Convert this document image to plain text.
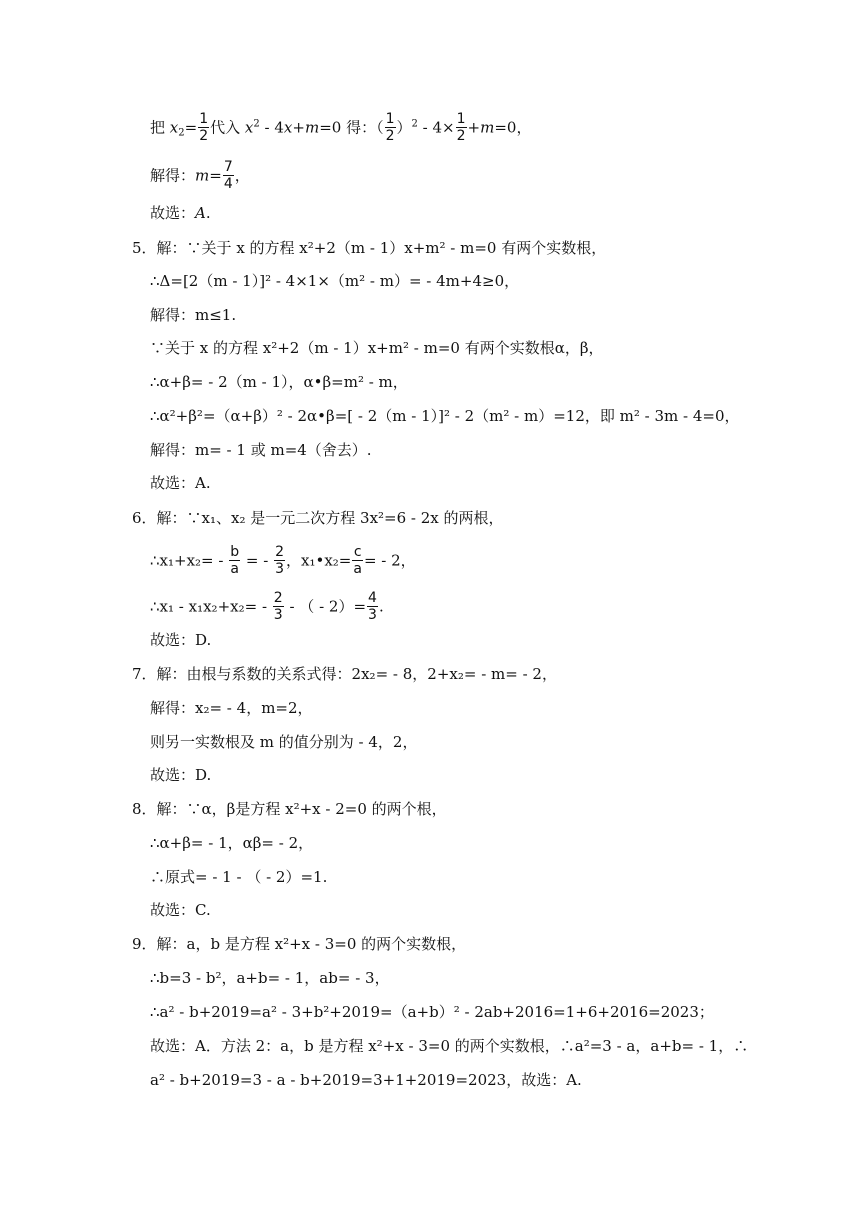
把 $x_2= \frac{1}{2}$ 代入 $x^2 - 4x+m=0$ 得：（ $\frac{1}{2} )^2 - 4\times \frac{1}{2} +m=0$，
解得：$m= \frac{7}{4}$ ，
故选：A.
5．解：∵关于 x 的方程 x²+2（m - 1）x+m² - m=0 有两个实数根，
∴Δ=[2（m - 1）]² - 4×1×（m² - m）= - 4m+4≥0，
解得：m≤1.
∵关于 x 的方程 x²+2（m - 1）x+m² - m=0 有两个实数根α，β，
∴α+β= - 2（m - 1），α•β=m² - m，
∴α²+β²=（α+β）² - 2α•β=[ - 2（m - 1）]² - 2（m² - m）=12，即 m² - 3m - 4=0，
解得：m= - 1 或 m=4（舍去）.
故选：A.
6．解：∵x₁、x₂ 是一元二次方程 3x²=6 - 2x 的两根，
∴x₁+x₂= - $\frac{b}{a}$ = - $\frac{2}{3}$ ，x₁•x₂= $\frac{c}{a}$ = - 2，
∴x₁ - $x_1x_2+x_2= - \frac{2}{3}$ - （ - $2)= \frac{4}{3}$ .
故选：D.
7．解：由根与系数的关系式得：2x₂= - 8，2+x₂= - m= - 2，
解得：x₂= - 4，m=2，
则另一实数根及 m 的值分别为 - 4，2，
故选：D.
8．解：∵α，β是方程 x²+x - 2=0 的两个根，
∴α+β= - 1，αβ= - 2，
∴原式= - 1 - （ - 2）=1.
故选：C.
9．解：a，b 是方程 x²+x - 3=0 的两个实数根，
∴b=3 - b²，a+b= - 1，ab= - 3，
∴a² - b+2019=a² - 3+b²+2019=（a+b）² - 2ab+2016=1+6+2016=2023；
故选：A．方法 2：a，b 是方程 x²+x - 3=0 的两个实数根，∴a²=3 - a，a+b= - 1，∴
a² - b+2019=3 - a - b+2019=3+1+2019=2023，故选：A.
